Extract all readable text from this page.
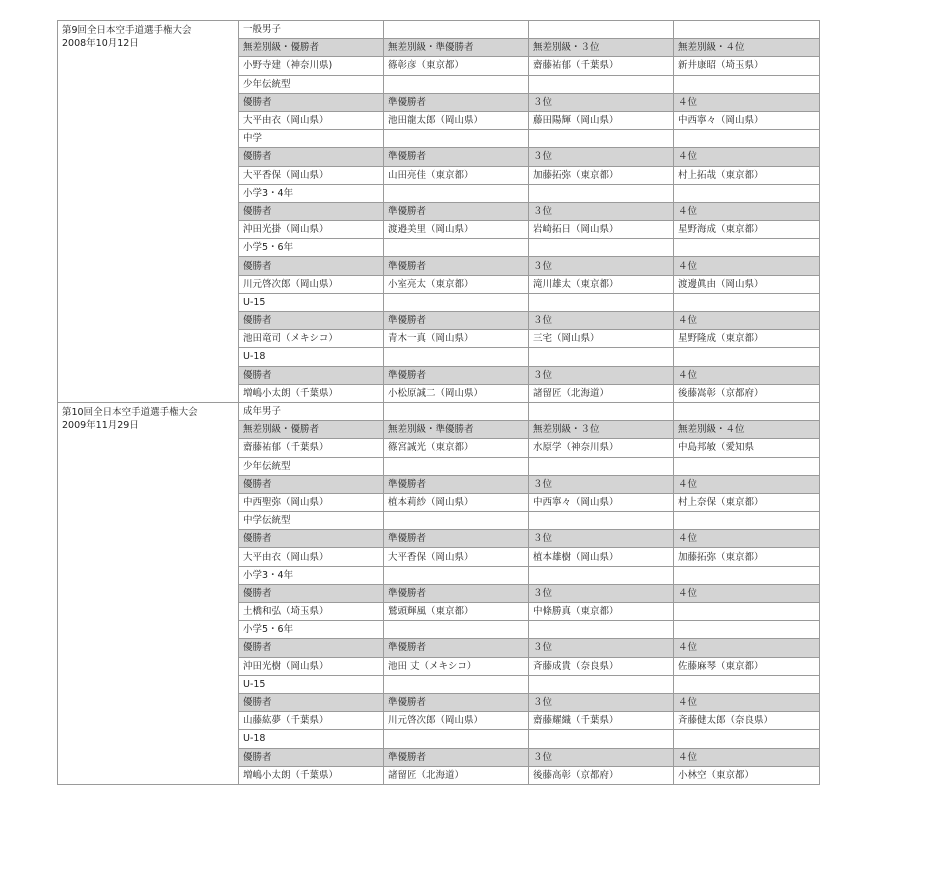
第9回全日本空手道選手権大会
2008年10月12日	一般男子			
	無差別級・優勝者	無差別級・準優勝者	無差別級・３位	無差別級・４位
	小野寺建（神奈川県)	篠彰彦（東京都）	齋藤祐郁（千葉県）	新井康昭（埼玉県）
	少年伝統型			
	優勝者	準優勝者	３位	４位
	大平由衣（岡山県）	池田龍太郎（岡山県）	藤田陽輝（岡山県）	中西寧々（岡山県）
	中学			
	優勝者	準優勝者	３位	４位
	大平香保（岡山県）	山田亮佳（東京都）	加藤拓弥（東京都）	村上拓哉（東京都）
	小学3・4年			
	優勝者	準優勝者	３位	４位
	沖田光掛（岡山県）	渡邉美里（岡山県）	岩崎拓日（岡山県）	星野海成（東京都）
	小学5・6年			
	優勝者	準優勝者	３位	４位
	川元啓次郎（岡山県）	小室亮太（東京都）	滝川雄太（東京都）	渡邊眞由（岡山県）
	U-15			
	優勝者	準優勝者	３位	４位
	池田竜司（メキシコ）	青木一真（岡山県）	三宅（岡山県）	星野隆成（東京都）
	U-18			
	優勝者	準優勝者	３位	４位
	増嶋小太朗（千葉県）	小松原誠二（岡山県）	諸留匠（北海道）	後藤嵩彰（京都府）

第10回全日本空手道選手権大会
2009年11月29日	成年男子			
	無差別級・優勝者	無差別級・準優勝者	無差別級・３位	無差別級・４位
	齋藤祐郁（千葉県）	篠宮誠光（東京都）	水原学（神奈川県）	中島邦敏（愛知県
	少年伝統型			
	優勝者	準優勝者	３位	４位
	中西聖弥（岡山県）	植本莉紗（岡山県）	中西寧々（岡山県）	村上奈保（東京都）
	中学伝統型			
	優勝者	準優勝者	３位	４位
	大平由衣（岡山県）	大平香保（岡山県）	植本雄樹（岡山県）	加藤拓弥（東京都）
	小学3・4年			
	優勝者	準優勝者	３位	４位
	土橋和弘（埼玉県）	鷲頭輝風（東京都）	中條勝真（東京都）	
	小学5・6年			
	優勝者	準優勝者	３位	４位
	沖田光樹（岡山県）	池田 丈（メキシコ）	斉藤成貴（奈良県）	佐藤麻琴（東京都）
	U-15			
	優勝者	準優勝者	３位	４位
	山藤紘夢（千葉県）	川元啓次郎（岡山県）	齋藤耀織（千葉県）	斉藤健太郎（奈良県）
	U-18			
	優勝者	準優勝者	３位	４位
	増嶋小太朗（千葉県）	諸留匠（北海道）	後藤高彰（京都府）	小林空（東京都）
